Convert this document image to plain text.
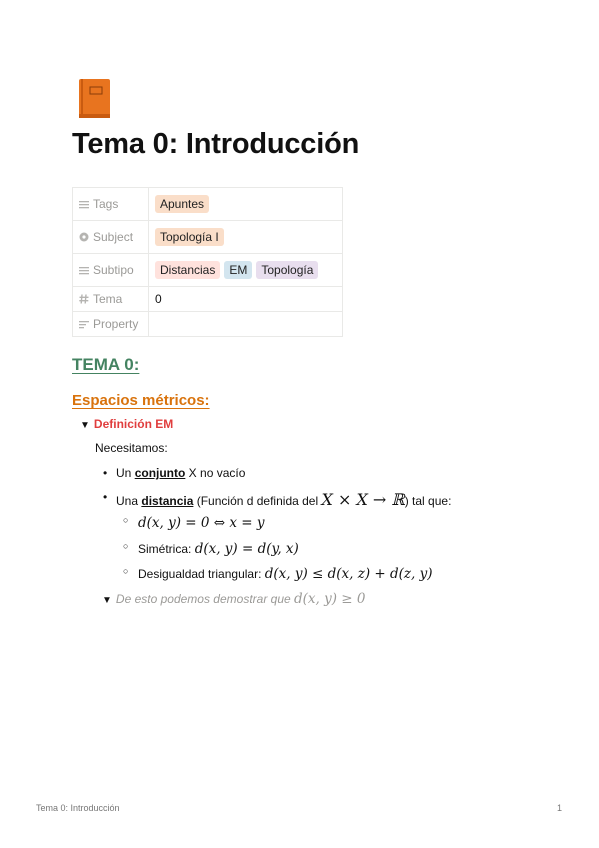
Tema 0: Introducción
Tags	Apuntes
Subject	Topología I
Subtipo	Distancias EM Topología
Tema	0
Property	
TEMA 0:
Espacios métricos:
▼ Definición EM
Necesitamos:
• Un conjunto X no vacío
• Una distancia (Función d definida del X × X → ℝ) tal que:
○ d(x, y) = 0 ⇔ x = y
○ Simétrica: d(x, y) = d(y, x)
○ Desigualdad triangular: d(x, y) ≤ d(x, z) + d(z, y)
▼ De esto podemos demostrar que d(x, y) ≥ 0
Tema 0: Introducción	1
